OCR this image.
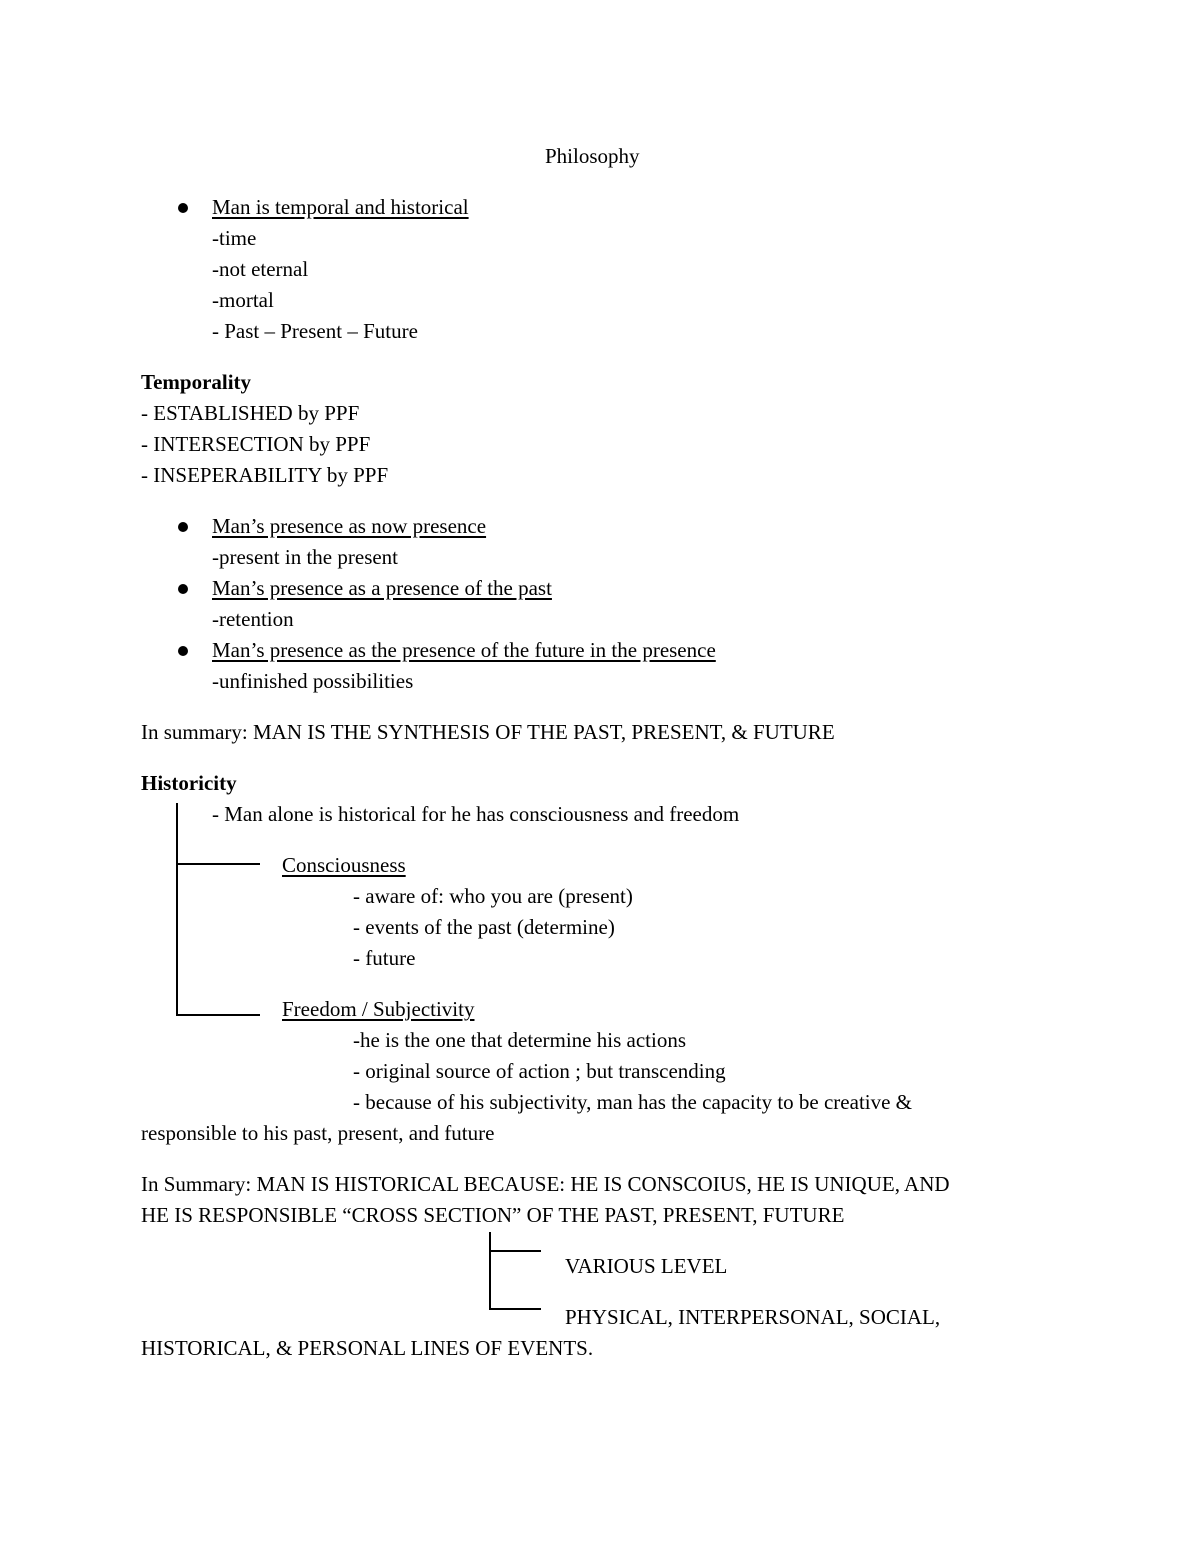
Philosophy
Man is temporal and historical
-time
-not eternal
-mortal
- Past – Present – Future
Temporality
- ESTABLISHED by PPF
- INTERSECTION by PPF
- INSEPERABILITY by PPF
Man’s presence as now presence
-present in the present
Man’s presence as a presence of the past
-retention
Man’s presence as the presence of the future in the presence
-unfinished possibilities
In summary: MAN IS THE SYNTHESIS OF THE PAST, PRESENT, & FUTURE
Historicity
- Man alone is historical for he has consciousness and freedom
Consciousness
- aware of: who you are (present)
- events of the past (determine)
- future
Freedom / Subjectivity
-he is the one that determine his actions
- original source of action ; but transcending
- because of his subjectivity, man has the capacity to be creative &
responsible to his past, present, and future
In Summary: MAN IS HISTORICAL BECAUSE: HE IS CONSCOIUS, HE IS UNIQUE, AND
HE IS RESPONSIBLE “CROSS SECTION” OF THE PAST, PRESENT, FUTURE
VARIOUS LEVEL
PHYSICAL, INTERPERSONAL, SOCIAL,
HISTORICAL, & PERSONAL LINES OF EVENTS.
